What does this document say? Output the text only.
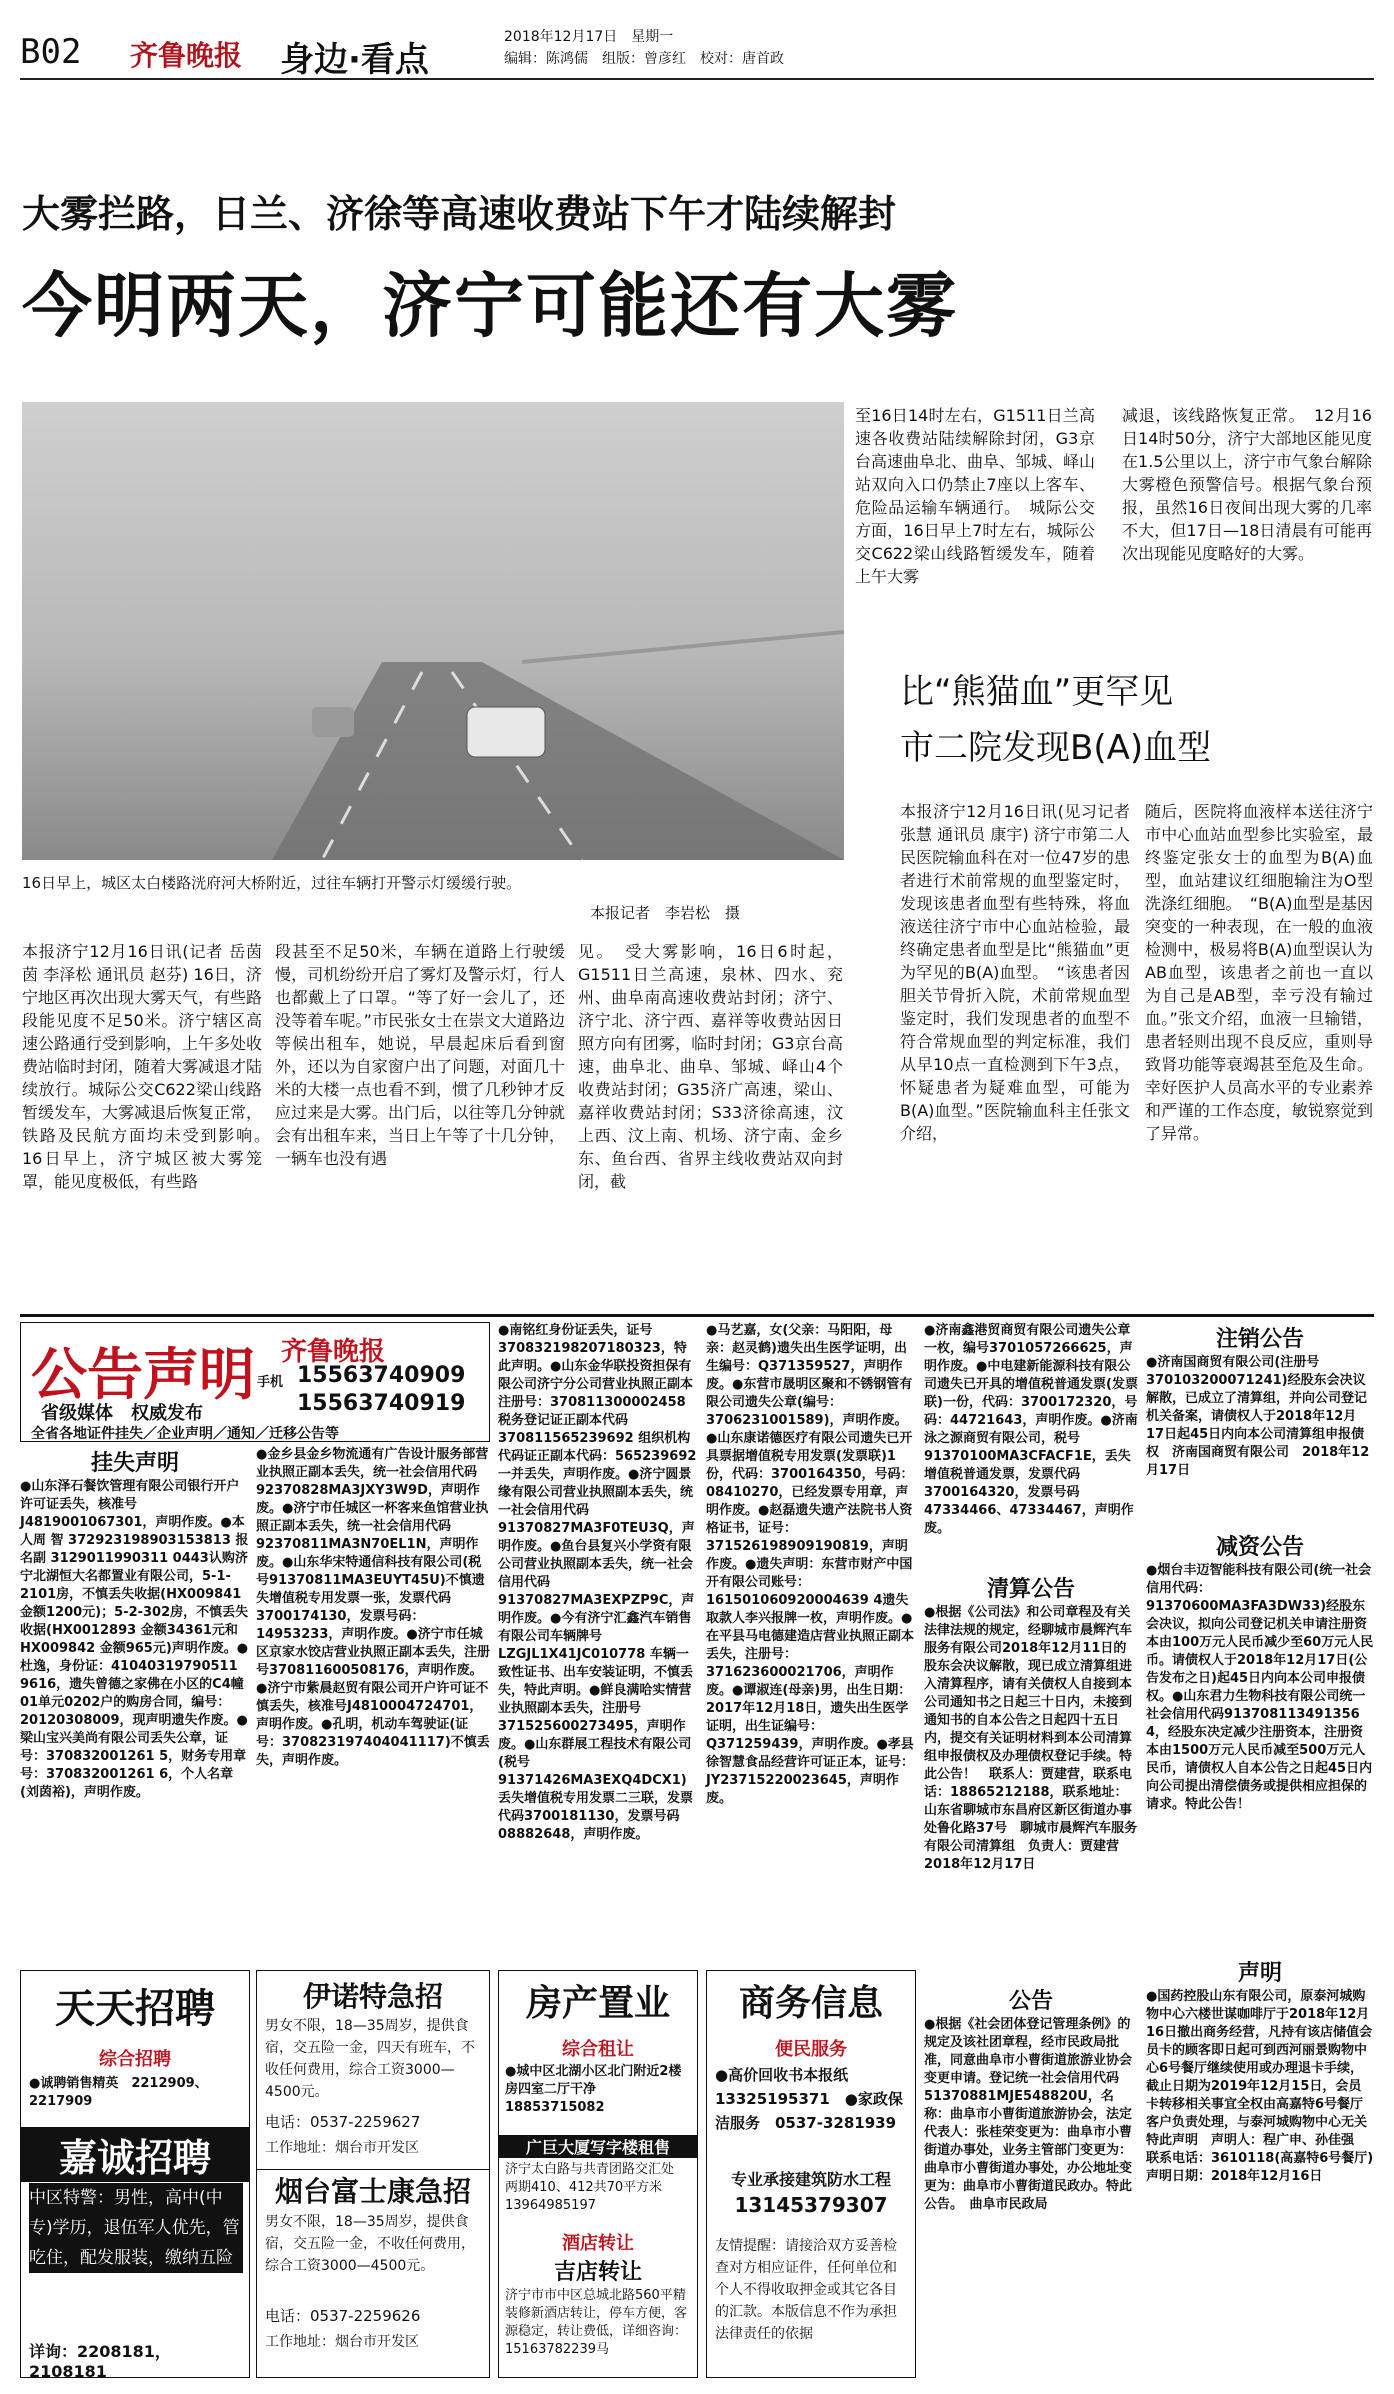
B02 齐鲁晚报 身边·看点
2018年12月17日　星期一
编辑：陈鸿儒　组版：曾彦红　校对：唐首政
大雾拦路，日兰、济徐等高速收费站下午才陆续解封
今明两天，济宁可能还有大雾
16日早上，城区太白楼路洸府河大桥附近，过往车辆打开警示灯缓缓行驶。
本报记者　李岩松　摄
本报济宁12月16日讯(记者 岳茵茵 李泽松 通讯员 赵芬) 16日，济宁地区再次出现大雾天气，有些路段能见度不足50米。济宁辖区高速公路通行受到影响，上午多处收费站临时封闭，随着大雾减退才陆续放行。城际公交C622梁山线路暂缓发车，大雾减退后恢复正常，铁路及民航方面均未受到影响。　16日早上，济宁城区被大雾笼罩，能见度极低，有些路
段甚至不足50米，车辆在道路上行驶缓慢，司机纷纷开启了雾灯及警示灯，行人也都戴上了口罩。“等了好一会儿了，还没等着车呢。”市民张女士在崇文大道路边等候出租车，她说，早晨起床后看到窗外，还以为自家窗户出了问题，对面几十米的大楼一点也看不到，惯了几秒钟才反应过来是大雾。出门后，以往等几分钟就会有出租车来，当日上午等了十几分钟，一辆车也没有遇
见。　受大雾影响，16日6时起，G1511日兰高速，泉林、四水、兖州、曲阜南高速收费站封闭；济宁、济宁北、济宁西、嘉祥等收费站因日照方向有团雾，临时封闭；G3京台高速，曲阜北、曲阜、邹城、峄山4个收费站封闭；G35济广高速，梁山、嘉祥收费站封闭；S33济徐高速，汶上西、汶上南、机场、济宁南、金乡东、鱼台西、省界主线收费站双向封闭，截
至16日14时左右，G1511日兰高速各收费站陆续解除封闭，G3京台高速曲阜北、曲阜、邹城、峄山站双向入口仍禁止7座以上客车、危险品运输车辆通行。　城际公交方面，16日早上7时左右，城际公交C622梁山线路暂缓发车，随着上午大雾
减退，该线路恢复正常。　12月16日14时50分，济宁大部地区能见度在1.5公里以上，济宁市气象台解除大雾橙色预警信号。根据气象台预报，虽然16日夜间出现大雾的几率不大，但17日—18日清晨有可能再次出现能见度略好的大雾。
比“熊猫血”更罕见
市二院发现B(A)血型
本报济宁12月16日讯(见习记者 张慧 通讯员 康宇) 济宁市第二人民医院输血科在对一位47岁的患者进行术前常规的血型鉴定时，发现该患者血型有些特殊，将血液送往济宁市中心血站检验，最终确定患者血型是比“熊猫血”更为罕见的B(A)血型。　“该患者因胆关节骨折入院，术前常规血型鉴定时，我们发现患者的血型不符合常规血型的判定标准，我们从早10点一直检测到下午3点，怀疑患者为疑难血型，可能为B(A)血型。”医院输血科主任张文介绍，
随后，医院将血液样本送往济宁市中心血站血型参比实验室，最终鉴定张女士的血型为B(A)血型，血站建议红细胞输注为O型洗涤红细胞。　“B(A)血型是基因突变的一种表现，在一般的血液检测中，极易将B(A)血型误认为AB血型，该患者之前也一直以为自己是AB型，幸亏没有输过血。”张文介绍，血液一旦输错，患者轻则出现不良反应，重则导致肾功能等衰竭甚至危及生命。幸好医护人员高水平的专业素养和严谨的工作态度，敏锐察觉到了异常。
公告声明 齐鲁晚报
省级媒体　权威发布
手机 15563740909
15563740919
全省各地证件挂失／企业声明／通知／迁移公告等
挂失声明
●山东泽石餐饮管理有限公司银行开户许可证丢失，核准号J4819001067301，声明作废。●本人周 智 372923198903153813 报名副 3129011990311 0443认购济宁北湖恒大名都置业有限公司，5-1-2101房，不慎丢失收据(HX009841 金额1200元)；5-2-302房，不慎丢失收据(HX0012893 金额34361元和HX009842 金额965元)声明作废。●杜逸，身份证：41040319790511 9616，遗失曾德之家佛在小区的C4幢01单元0202户的购房合同，编号：20120308009，现声明遗失作废。●梁山宝兴美尚有限公司丢失公章，证号：370832001261 5，财务专用章号：370832001261 6，个人名章(刘茵裕)，声明作废。
●金乡县金乡物流通有广告设计服务部营业执照正副本丢失，统一社会信用代码92370828MA3JXY3W9D，声明作废。●济宁市任城区一杯客来鱼馆营业执照正副本丢失，统一社会信用代码92370811MA3N70EL1N，声明作废。●山东华宋特通信科技有限公司(税号91370811MA3EUYT45U)不慎遗失增值税专用发票一张，发票代码3700174130，发票号码：14953233，声明作废。●济宁市任城区京家水饺店营业执照正副本丢失，注册号370811600508176，声明作废。●济宁市紫晨赵贸有限公司开户许可证不慎丢失，核准号J4810004724701，声明作废。●孔明，机动车驾驶证(证号：370823197404041117)不慎丢失，声明作废。
●南铭红身份证丢失，证号370832198207180323，特此声明。●山东金华联投资担保有限公司济宁分公司营业执照正副本注册号：370811300002458 税务登记证正副本代码370811565239692 组织机构代码证正副本代码：565239692一并丢失，声明作废。●济宁圆景缘有限公司营业执照副本丢失，统一社会信用代码91370827MA3F0TEU3Q，声明作废。●鱼台县复兴小学资有限公司营业执照副本丢失，统一社会信用代码91370827MA3EXPZP9C，声明作废。●今有济宁汇鑫汽车销售有限公司车辆牌号LZGJL1X41JC010778 车辆一致性证书、出车安装证明，不慎丢失，特此声明。●鲜良满哈实情营业执照副本丢失，注册号371525600273495，声明作废。●山东群展工程技术有限公司(税号91371426MA3EXQ4DCX1)丢失增值税专用发票二三联，发票代码3700181130，发票号码08882648，声明作废。
●马艺嘉，女(父亲：马阳阳，母亲：赵灵鹤)遗失出生医学证明，出生编号：Q371359527，声明作废。●东营市晟明区聚和不锈钢管有限公司遗失公章(编号：3706231001589)，声明作废。●山东康诺德医疗有限公司遗失已开具票据增值税专用发票(发票联)1份，代码：3700164350，号码：08410270，已经发票专用章，声明作废。●赵磊遗失遗产法院书人资格证书，证号：371526198909190819，声明作废。●遗失声明：东营市财产中国开有限公司账号：161501060920004639 4遗失取款人李兴报牌一枚，声明作废。●在平县马电德建造店营业执照正副本丢失，注册号：371623600021706，声明作废。●谭淑连(母亲)男，出生日期：2017年12月18日，遗失出生医学证明，出生证编号：Q371259439，声明作废。●孝县徐智慧食品经营许可证正本，证号：JY23715220023645，声明作废。
●济南鑫港贸商贸有限公司遗失公章一枚，编号3701057266625，声明作废。●中电建新能源科技有限公司遗失已开具的增值税普通发票(发票联)一份，代码：3700172320，号码：44721643，声明作废。●济南泳之源商贸有限公司，税号91370100MA3CFACF1E，丢失增值税普通发票，发票代码3700164320，发票号码47334466、47334467，声明作废。
清算公告
●根据《公司法》和公司章程及有关法律法规的规定，经聊城市晨辉汽车服务有限公司2018年12月11日的股东会决议解散，现已成立清算组进入清算程序，请有关债权人自接到本公司通知书之日起三十日内，未接到通知书的自本公告之日起四十五日内，提交有关证明材料到本公司清算组申报债权及办理债权登记手续。特此公告！　联系人：贾建营，联系电话：18865212188，联系地址：山东省聊城市东昌府区新区街道办事处鲁化路37号　聊城市晨辉汽车服务有限公司清算组　负责人：贾建营　2018年12月17日
公告
●根据《社会团体登记管理条例》的规定及该社团章程，经市民政局批准，同意曲阜市小曹街道旅游业协会变更申请。登记统一社会信用代码51370881MJE548820U，名称：曲阜市小曹街道旅游协会，法定代表人：张桂荣变更为：曲阜市小曹街道办事处，业务主管部门变更为：曲阜市小曹街道办事处，办公地址变更为：曲阜市小曹街道民政办。特此公告。　曲阜市民政局
注销公告
●济南国商贸有限公司(注册号370103200071241)经股东会决议解散，已成立了清算组，并向公司登记机关备案，请债权人于2018年12月17日起45日内向本公司清算组申报债权　济南国商贸有限公司　2018年12月17日
减资公告
●烟台丰迈智能科技有限公司(统一社会信用代码：91370600MA3FA3DW33)经股东会决议，拟向公司登记机关申请注册资本由100万元人民币减少至60万元人民币。请债权人于2018年12月17日(公告发布之日)起45日内向本公司申报债权。●山东君力生物科技有限公司统一社会信用代码913708113491356 4，经股东决定减少注册资本，注册资本由1500万元人民币减至500万元人民币，请债权人自本公告之日起45日内向公司提出清偿债务或提供相应担保的请求。特此公告！
声明
●国药控股山东有限公司，原泰河城购物中心六楼世谋咖啡厅于2018年12月16日撤出商务经营，凡持有该店储值会员卡的顾客即日起可到西河丽景购物中心6号餐厅继续使用或办理退卡手续，截止日期为2019年12月15日，会员卡转移相关事宜全权由高嘉特6号餐厅客户负责处理，与泰河城购物中心无关　特此声明　声明人：程广申、孙佳强　联系电话：3610118(高嘉特6号餐厅)　声明日期：2018年12月16日
天天招聘
综合招聘
●诚聘销售精英　2212909、2217909
嘉诚招聘
中区特警：男性，高中(中专)学历，退伍军人优先，管吃住，配发服装，缴纳五险
详询：2208181，2108181
伊诺特急招
男女不限，18—35周岁，提供食宿，交五险一金，四天有班车，不收任何费用，综合工资3000—4500元。
电话：0537-2259627
工作地址：烟台市开发区
烟台富士康急招
男女不限，18—35周岁，提供食宿，交五险一金，不收任何费用，综合工资3000—4500元。
电话：0537-2259626
工作地址：烟台市开发区
房产置业
综合租让
●城中区北湖小区北门附近2楼房四室二厅干净　18853715082
广巨大厦写字楼租售
济宁太白路与共青团路交汇处 两期410、412共70平方米　13964985197
酒店转让
吉店转让
济宁市市中区总城北路560平精装修新酒店转让，停车方便，客源稳定，转让费低，详细咨询：15163782239马
商务信息
便民服务
●高价回收书本报纸　13325195371　●家政保洁服务　0537-3281939
专业承接建筑防水工程
13145379307
友情提醒：请接洽双方妥善检查对方相应证件，任何单位和个人不得收取押金或其它各目的汇款。本版信息不作为承担法律责任的依据
